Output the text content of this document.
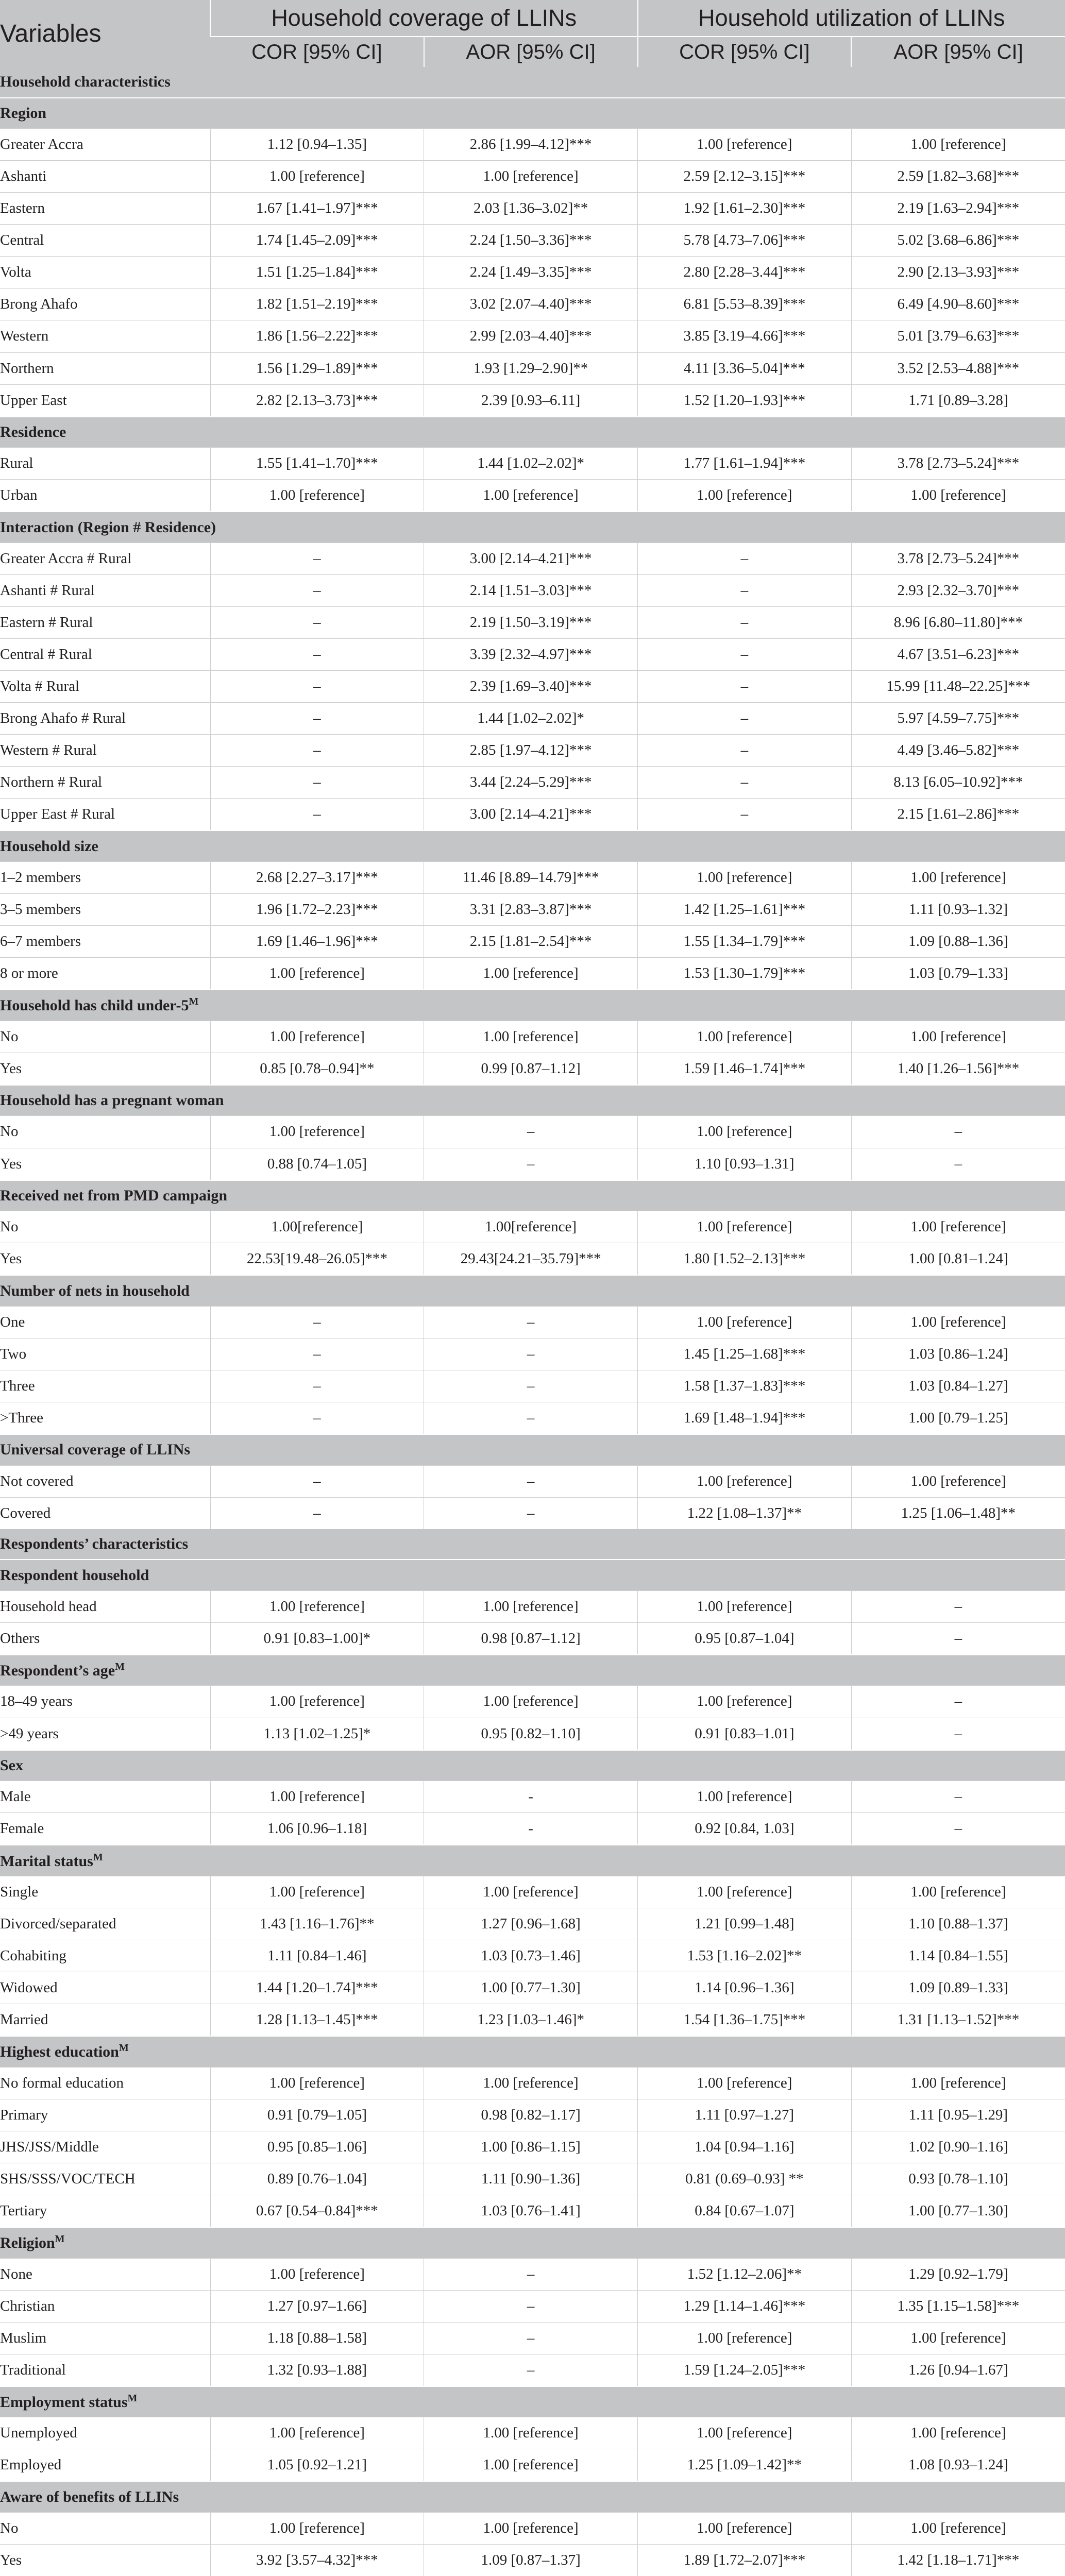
Variables	Household coverage of LLINs		Household utilization of LLINs	
	COR [95% CI]	AOR [95% CI]	COR [95% CI]	AOR [95% CI]
Household characteristics				
Region				
Greater Accra	1.12 [0.94–1.35]	2.86 [1.99–4.12]***	1.00 [reference]	1.00 [reference]
Ashanti	1.00 [reference]	1.00 [reference]	2.59 [2.12–3.15]***	2.59 [1.82–3.68]***
Eastern	1.67 [1.41–1.97]***	2.03 [1.36–3.02]**	1.92 [1.61–2.30]***	2.19 [1.63–2.94]***
Central	1.74 [1.45–2.09]***	2.24 [1.50–3.36]***	5.78 [4.73–7.06]***	5.02 [3.68–6.86]***
Volta	1.51 [1.25–1.84]***	2.24 [1.49–3.35]***	2.80 [2.28–3.44]***	2.90 [2.13–3.93]***
Brong Ahafo	1.82 [1.51–2.19]***	3.02 [2.07–4.40]***	6.81 [5.53–8.39]***	6.49 [4.90–8.60]***
Western	1.86 [1.56–2.22]***	2.99 [2.03–4.40]***	3.85 [3.19–4.66]***	5.01 [3.79–6.63]***
Northern	1.56 [1.29–1.89]***	1.93 [1.29–2.90]**	4.11 [3.36–5.04]***	3.52 [2.53–4.88]***
Upper East	2.82 [2.13–3.73]***	2.39 [0.93–6.11]	1.52 [1.20–1.93]***	1.71 [0.89–3.28]
Residence				
Rural	1.55 [1.41–1.70]***	1.44 [1.02–2.02]*	1.77 [1.61–1.94]***	3.78 [2.73–5.24]***
Urban	1.00 [reference]	1.00 [reference]	1.00 [reference]	1.00 [reference]
Interaction (Region # Residence)				
Greater Accra # Rural	–	3.00 [2.14–4.21]***	–	3.78 [2.73–5.24]***
Ashanti # Rural	–	2.14 [1.51–3.03]***	–	2.93 [2.32–3.70]***
Eastern # Rural	–	2.19 [1.50–3.19]***	–	8.96 [6.80–11.80]***
Central # Rural	–	3.39 [2.32–4.97]***	–	4.67 [3.51–6.23]***
Volta # Rural	–	2.39 [1.69–3.40]***	–	15.99 [11.48–22.25]***
Brong Ahafo # Rural	–	1.44 [1.02–2.02]*	–	5.97 [4.59–7.75]***
Western # Rural	–	2.85 [1.97–4.12]***	–	4.49 [3.46–5.82]***
Northern # Rural	–	3.44 [2.24–5.29]***	–	8.13 [6.05–10.92]***
Upper East # Rural	–	3.00 [2.14–4.21]***	–	2.15 [1.61–2.86]***
Household size				
1–2 members	2.68 [2.27–3.17]***	11.46 [8.89–14.79]***	1.00 [reference]	1.00 [reference]
3–5 members	1.96 [1.72–2.23]***	3.31 [2.83–3.87]***	1.42 [1.25–1.61]***	1.11 [0.93–1.32]
6–7 members	1.69 [1.46–1.96]***	2.15 [1.81–2.54]***	1.55 [1.34–1.79]***	1.09 [0.88–1.36]
8 or more	1.00 [reference]	1.00 [reference]	1.53 [1.30–1.79]***	1.03 [0.79–1.33]
Household has child under-$5^M$
No	1.00 [reference]	1.00 [reference]	1.00 [reference]	1.00 [reference]
Yes	0.85 [0.78–0.94]**	0.99 [0.87–1.12]	1.59 [1.46–1.74]***	1.40 [1.26–1.56]***
Household has a pregnant woman				
No	1.00 [reference]	–	1.00 [reference]	–
Yes	0.88 [0.74–1.05]	–	1.10 [0.93–1.31]	–
Received net from PMD campaign				
No	1.00[reference]	1.00[reference]	1.00 [reference]	1.00 [reference]
Yes	22.53[19.48–26.05]***	29.43[24.21–35.79]***	1.80 [1.52–2.13]***	1.00 [0.81–1.24]
Number of nets in household				
One	–	–	1.00 [reference]	1.00 [reference]
Two	–	–	1.45 [1.25–1.68]***	1.03 [0.86–1.24]
Three	–	–	1.58 [1.37–1.83]***	1.03 [0.84–1.27]
>Three	–	–	1.69 [1.48–1.94]***	1.00 [0.79–1.25]
Universal coverage of LLINs				
Not covered	–	–	1.00 [reference]	1.00 [reference]
Covered	–	–	1.22 [1.08–1.37]**	1.25 [1.06–1.48]**
Respondents’ characteristics				
Respondent household				
Household head	1.00 [reference]	1.00 [reference]	1.00 [reference]	–
Others	0.91 [0.83–1.00]*	0.98 [0.87–1.12]	0.95 [0.87–1.04]	–
Respondent’s age$^M$
18–49 years	1.00 [reference]	1.00 [reference]	1.00 [reference]	–
>49 years	1.13 [1.02–1.25]*	0.95 [0.82–1.10]	0.91 [0.83–1.01]	–
Sex				
Male	1.00 [reference]	-	1.00 [reference]	–
Female	1.06 [0.96–1.18]	-	0.92 [0.84, 1.03]	–
Marital status$^M$
Single	1.00 [reference]	1.00 [reference]	1.00 [reference]	1.00 [reference]
Divorced/separated	1.43 [1.16–1.76]**	1.27 [0.96–1.68]	1.21 [0.99–1.48]	1.10 [0.88–1.37]
Cohabiting	1.11 [0.84–1.46]	1.03 [0.73–1.46]	1.53 [1.16–2.02]**	1.14 [0.84–1.55]
Widowed	1.44 [1.20–1.74]***	1.00 [0.77–1.30]	1.14 [0.96–1.36]	1.09 [0.89–1.33]
Married	1.28 [1.13–1.45]***	1.23 [1.03–1.46]*	1.54 [1.36–1.75]***	1.31 [1.13–1.52]***
Highest education$^M$
No formal education	1.00 [reference]	1.00 [reference]	1.00 [reference]	1.00 [reference]
Primary	0.91 [0.79–1.05]	0.98 [0.82–1.17]	1.11 [0.97–1.27]	1.11 [0.95–1.29]
JHS/JSS/Middle	0.95 [0.85–1.06]	1.00 [0.86–1.15]	1.04 [0.94–1.16]	1.02 [0.90–1.16]
SHS/SSS/VOC/TECH	0.89 [0.76–1.04]	1.11 [0.90–1.36]	0.81 (0.69–0.93] **	0.93 [0.78–1.10]
Tertiary	0.67 [0.54–0.84]***	1.03 [0.76–1.41]	0.84 [0.67–1.07]	1.00 [0.77–1.30]
Religion$^M$
None	1.00 [reference]	–	1.52 [1.12–2.06]**	1.29 [0.92–1.79]
Christian	1.27 [0.97–1.66]	–	1.29 [1.14–1.46]***	1.35 [1.15–1.58]***
Muslim	1.18 [0.88–1.58]	–	1.00 [reference]	1.00 [reference]
Traditional	1.32 [0.93–1.88]	–	1.59 [1.24–2.05]***	1.26 [0.94–1.67]
Employment status$^M$
Unemployed	1.00 [reference]	1.00 [reference]	1.00 [reference]	1.00 [reference]
Employed	1.05 [0.92–1.21]	1.00 [reference]	1.25 [1.09–1.42]**	1.08 [0.93–1.24]
Aware of benefits of LLINs				
No	1.00 [reference]	1.00 [reference]	1.00 [reference]	1.00 [reference]
Yes	3.92 [3.57–4.32]***	1.09 [0.87–1.37]	1.89 [1.72–2.07]***	1.42 [1.18–1.71]***
